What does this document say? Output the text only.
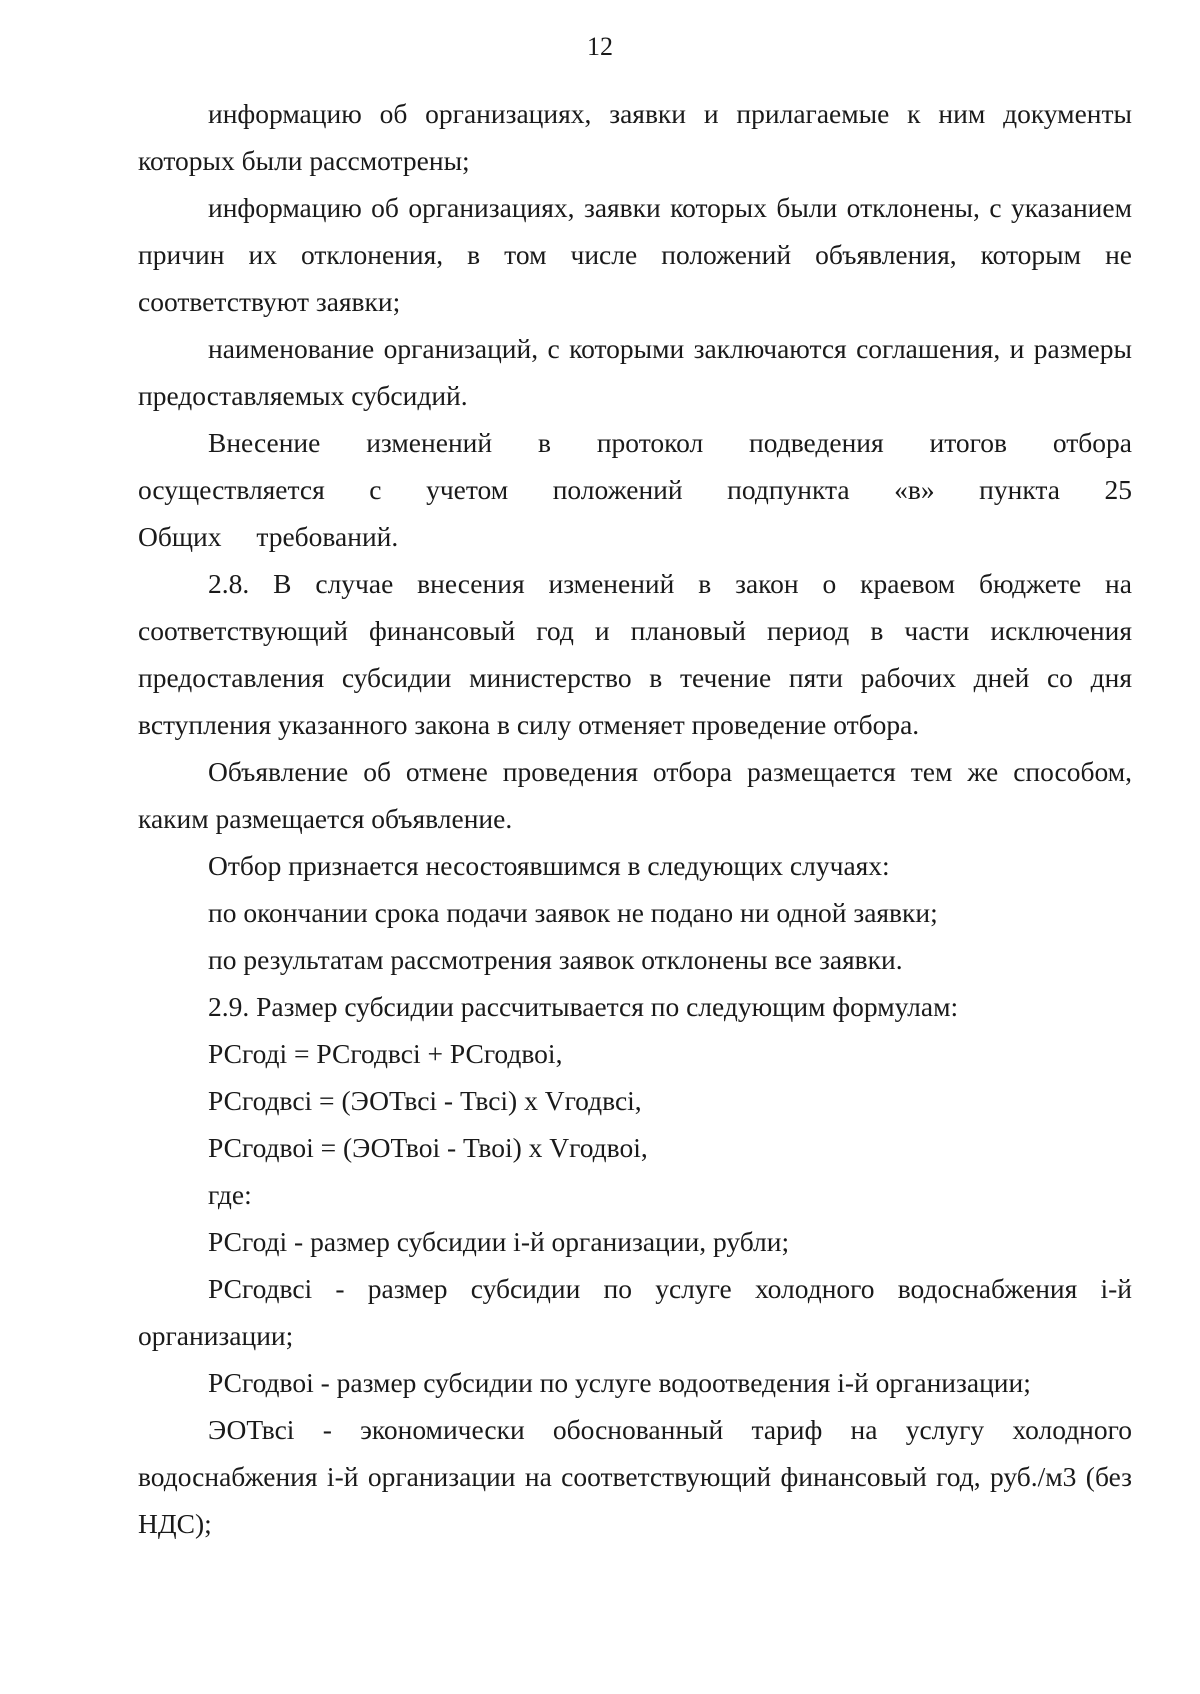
12

информацию об организациях, заявки и прилагаемые к ним документы которых были рассмотрены;

информацию об организациях, заявки которых были отклонены, с указанием причин их отклонения, в том числе положений объявления, которым не соответствуют заявки;

наименование организаций, с которыми заключаются соглашения, и размеры предоставляемых субсидий.

Внесение изменений в протокол подведения итогов отбора осуществляется с учетом положений подпункта «в» пункта 25 Общих требований.

2.8. В случае внесения изменений в закон о краевом бюджете на соответствующий финансовый год и плановый период в части исключения предоставления субсидии министерство в течение пяти рабочих дней со дня вступления указанного закона в силу отменяет проведение отбора.

Объявление об отмене проведения отбора размещается тем же способом, каким размещается объявление.

Отбор признается несостоявшимся в следующих случаях:

по окончании срока подачи заявок не подано ни одной заявки;

по результатам рассмотрения заявок отклонены все заявки.

2.9. Размер субсидии рассчитывается по следующим формулам:

РСгодi = РСгодвсi + РСгодвоi,

РСгодвсi = (ЭОТвсi - Твсi) х Vгодвсi,

РСгодвоi = (ЭОТвоi - Твоi) х Vгодвоi,

где:

РСгодi - размер субсидии i-й организации, рубли;

РСгодвсi - размер субсидии по услуге холодного водоснабжения i-й организации;

РСгодвоi - размер субсидии по услуге водоотведения i-й организации;

ЭОТвсi - экономически обоснованный тариф на услугу холодного водоснабжения i-й организации на соответствующий финансовый год, руб./м3 (без НДС);
